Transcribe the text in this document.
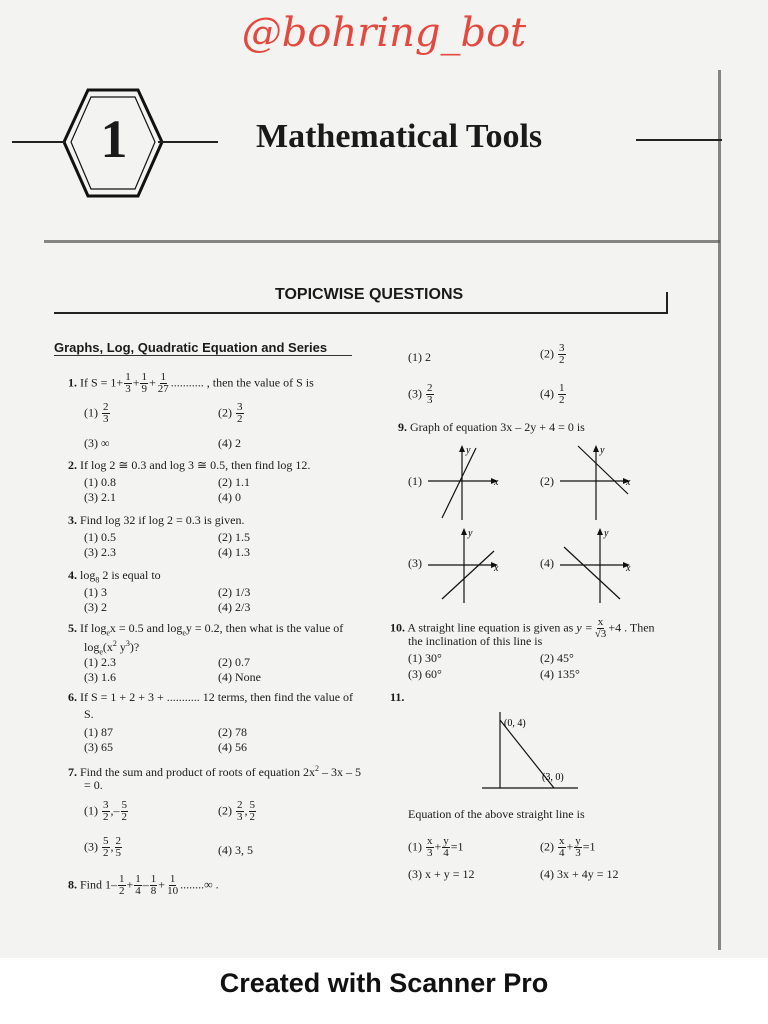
@bohring_bot
1	Mathematical Tools
TOPICWISE QUESTIONS
Graphs, Log, Quadratic Equation and Series
1. If $S = 1+ \frac{1}{3} + \frac{1}{9} + \frac{1}{27}$ ........... , then the value of S is
$(1) \frac{2}{3}$	$(2) \frac{3}{2}$
(3) ∞	(4) 2
2. If log 2 ≅ 0.3 and log 3 ≅ 0.5, then find log 12.
(1) 0.8	(2) 1.1
(3) 2.1	(4) 0
3. Find log 32 if log 2 = 0.3 is given.
(1) 0.5	(2) 1.5
(3) 2.3	(4) 1.3
4. $\log_8 2$ is equal to
(1) 3	(2) 1/3
(3) 2	(4) 2/3
5. If $\log_ex = 0.5$ and $\log_ey = 0.2$, then what is the value of
$\log_e(x^2$ $y^3$)?
(1) 2.3	(2) 0.7
(3) 1.6	(4) None
6. If S = 1 + 2 + 3 + ........... 12 terms, then find the value of
S.
(1) 87	(2) 78
(3) 65	(4) 56
7. Find the sum and product of roots of equation $2x^2 - 3x - 5$
= 0.
$(1) \frac{3}{2}$ ,– $\frac{5}{2}$	$(2) \frac{2}{3}$ , $\frac{5}{2}$
$(3) \frac{5}{2}$ , $\frac{2}{5}$	(4) 3, 5
8. Find $1- \frac{1}{2} + \frac{1}{4} - \frac{1}{8} + \frac{1}{10}$ ........∞ .
(1) 2	$(2) \frac{3}{2}$
$(3) \frac{2}{3}$	$(4) \frac{1}{2}$
9. Graph of equation 3x – 2y + 4 = 0 is
(1)
y
x	(2)
y
x
(3)
y
x	(4)
y
x
10. A straight line equation is given as $y = \frac{x}{√3} +4$ . Then
the inclination of this line is
(1) 30°	(2) 45°
(3) 60°	(4) 135°
11.
(0, 4)
(3, 0)
Equation of the above straight line is
$(1) \frac{x}{3} + \frac{y}{4} =1$	$(2) \frac{x}{4} + \frac{y}{3} =1$
(3) x + y = 12	(4) 3x + 4y = 12
Created with Scanner Pro
